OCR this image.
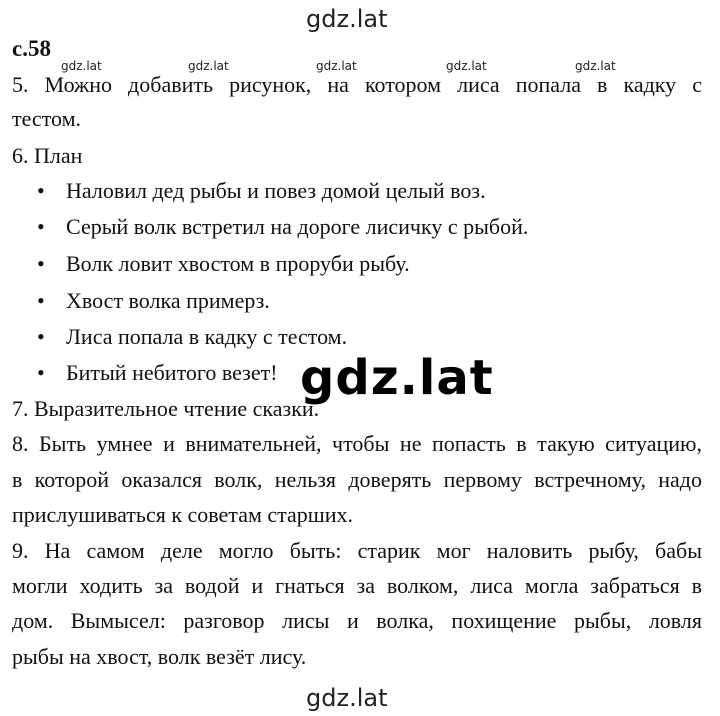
gdz.lat
gdz.lat	gdz.lat	gdz.lat	gdz.lat	gdz.lat
с.58
5. Можно добавить рисунок, на котором лиса попала в кадку с
тестом.
6. План
• Наловил дед рыбы и повез домой целый воз.
• Серый волк встретил на дороге лисичку с рыбой.
• Волк ловит хвостом в проруби рыбу.
• Хвост волка примерз.
• Лиса попала в кадку с тестом.
• Битый небитого везет! gdz.lat
7. Выразительное чтение сказки.
8. Быть умнее и внимательней, чтобы не попасть в такую ситуацию,
в которой оказался волк, нельзя доверять первому встречному, надо
прислушиваться к советам старших.
9. На самом деле могло быть: старик мог наловить рыбу, бабы
могли ходить за водой и гнаться за волком, лиса могла забраться в
дом. Вымысел: разговор лисы и волка, похищение рыбы, ловля
рыбы на хвост, волк везёт лису.
gdz.lat
